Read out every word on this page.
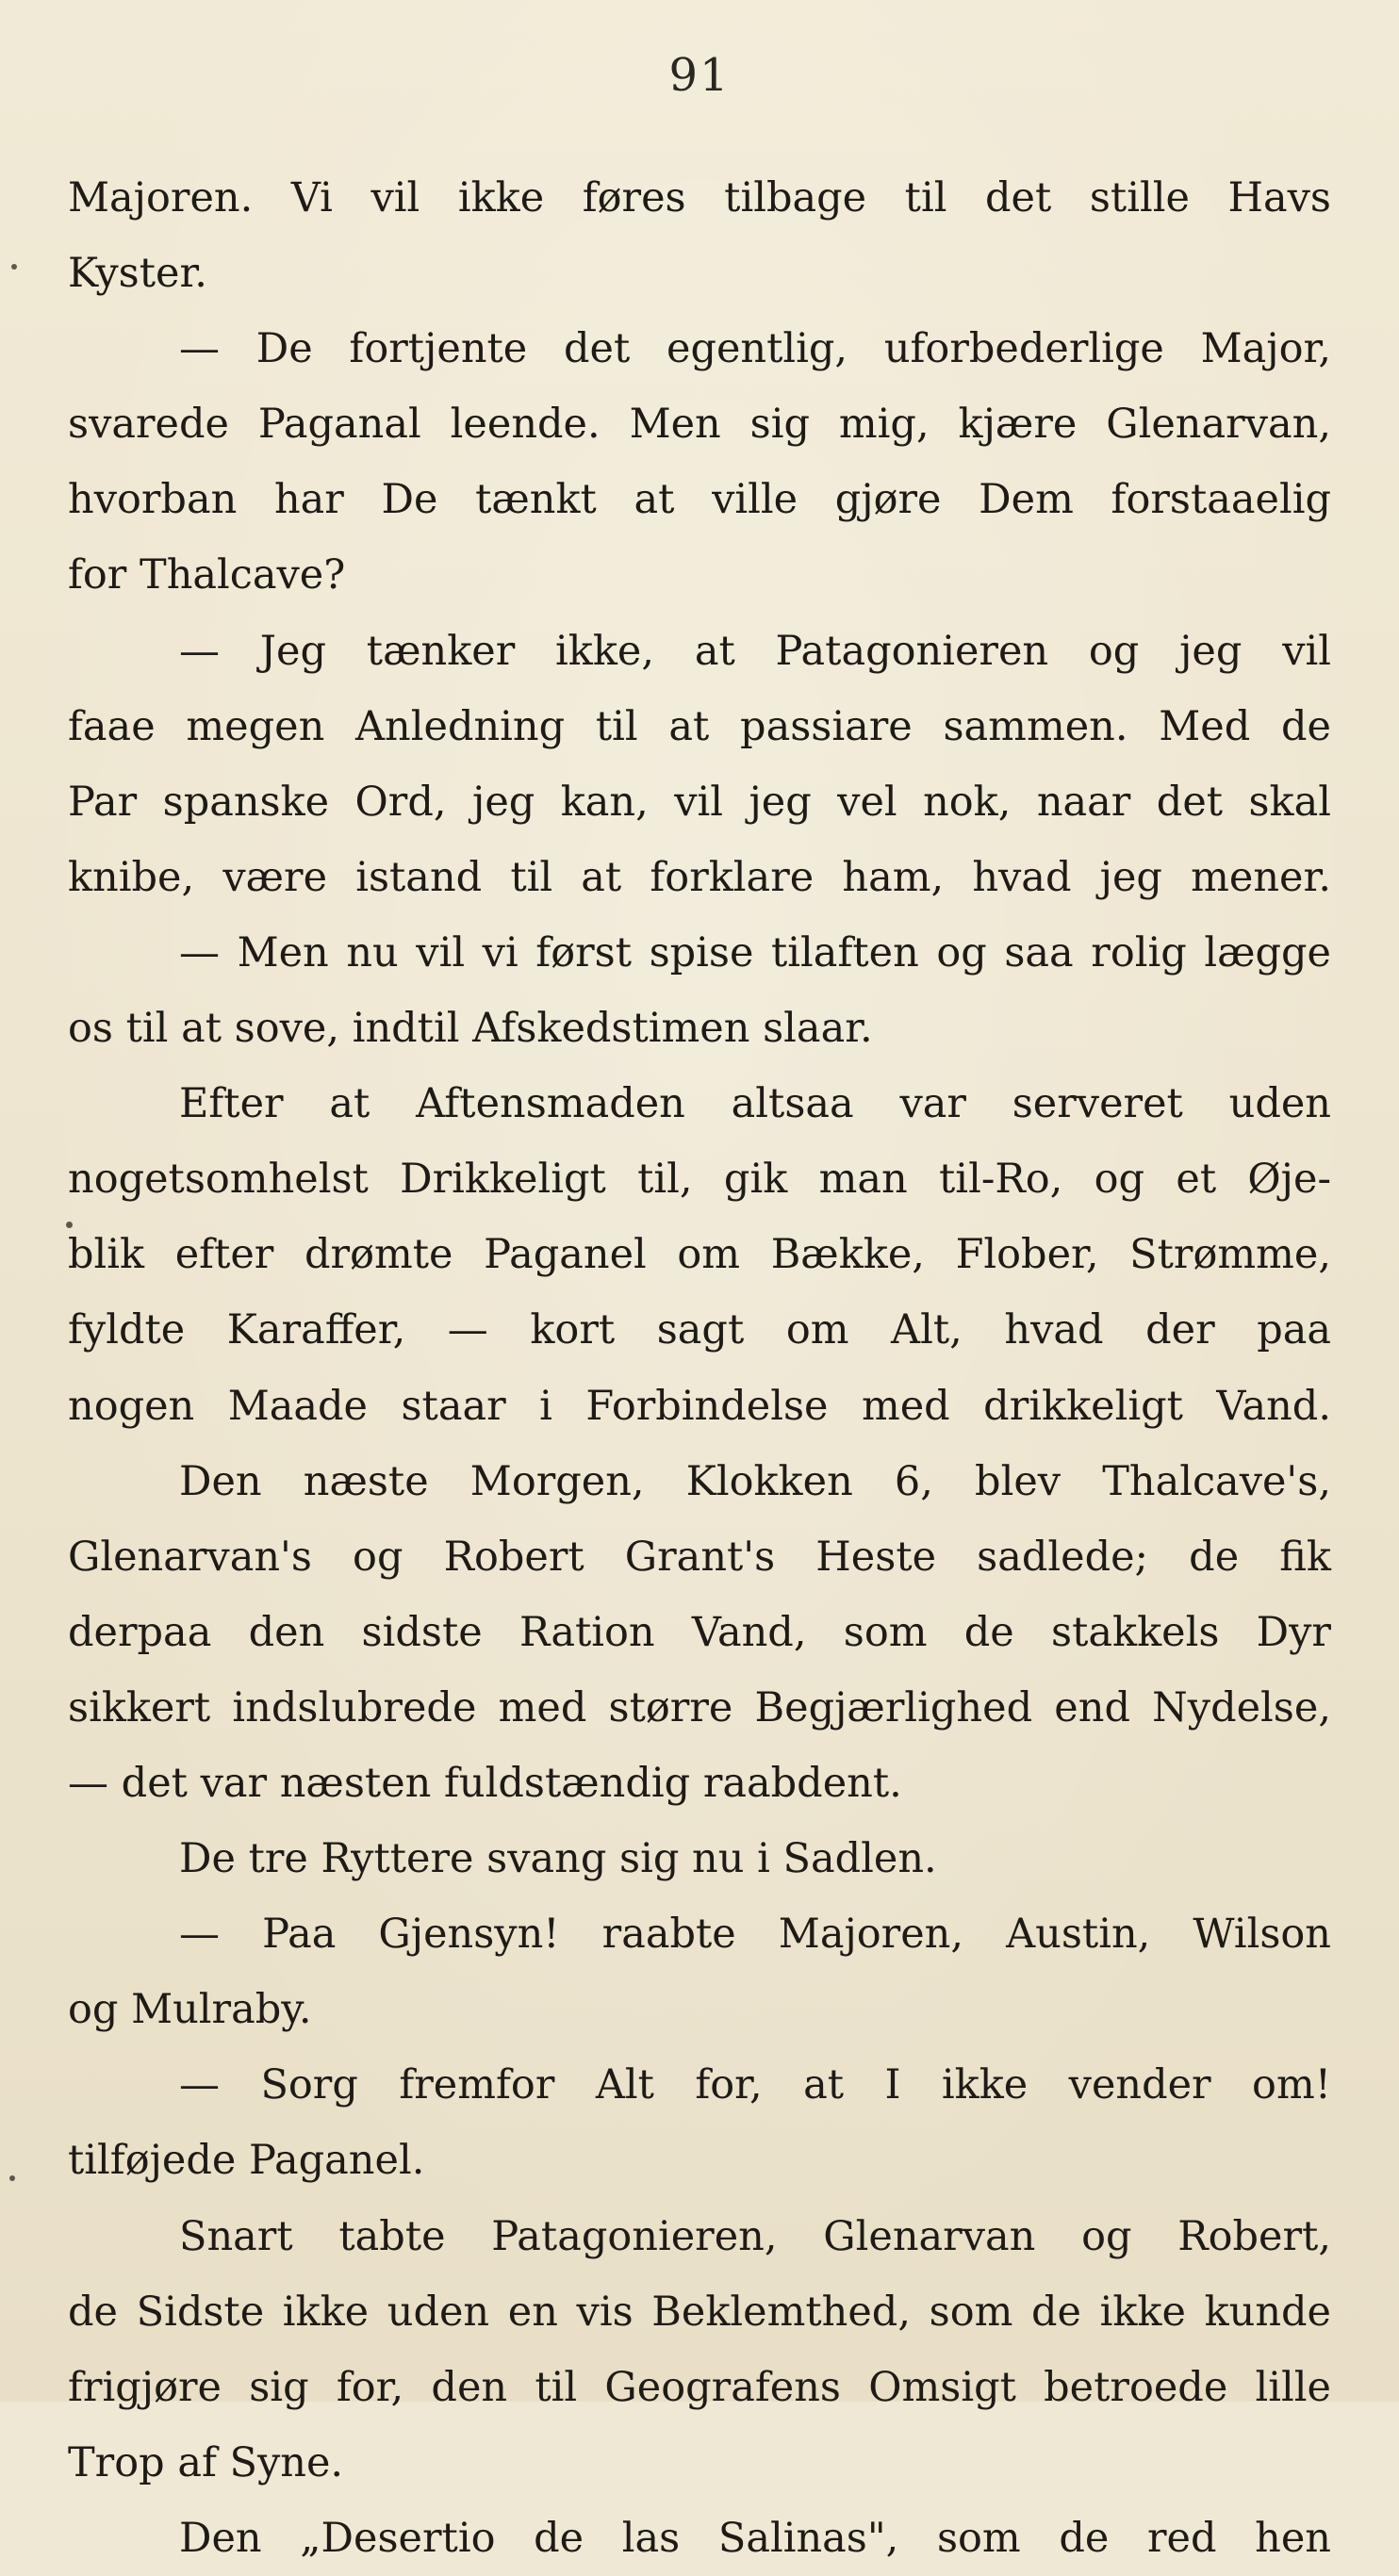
91
Majoren. Vi vil ikke føres tilbage til det stille Havs
Kyster.
— De fortjente det egentlig, uforbederlige Major,
svarede Paganal leende. Men sig mig, kjære Glenarvan,
hvorban har De tænkt at ville gjøre Dem forstaaelig
for Thalcave?
— Jeg tænker ikke, at Patagonieren og jeg vil
faae megen Anledning til at passiare sammen. Med de
Par spanske Ord, jeg kan, vil jeg vel nok, naar det skal
knibe, være istand til at forklare ham, hvad jeg mener.
— Men nu vil vi først spise tilaften og saa rolig lægge
os til at sove, indtil Afskedstimen slaar.
Efter at Aftensmaden altsaa var serveret uden
nogetsomhelst Drikkeligt til, gik man til-Ro, og et Øje-
blik efter drømte Paganel om Bække, Flober, Strømme,
fyldte Karaffer, — kort sagt om Alt, hvad der paa
nogen Maade staar i Forbindelse med drikkeligt Vand.
Den næste Morgen, Klokken 6, blev Thalcave's,
Glenarvan's og Robert Grant's Heste sadlede; de fik
derpaa den sidste Ration Vand, som de stakkels Dyr
sikkert indslubrede med større Begjærlighed end Nydelse,
— det var næsten fuldstændig raabdent.
De tre Ryttere svang sig nu i Sadlen.
— Paa Gjensyn! raabte Majoren, Austin, Wilson
og Mulraby.
— Sorg fremfor Alt for, at I ikke vender om!
tilføjede Paganel.
Snart tabte Patagonieren, Glenarvan og Robert,
de Sidste ikke uden en vis Beklemthed, som de ikke kunde
frigjøre sig for, den til Geografens Omsigt betroede lille
Trop af Syne.
Den „Desertio de las Salinas", som de red hen
